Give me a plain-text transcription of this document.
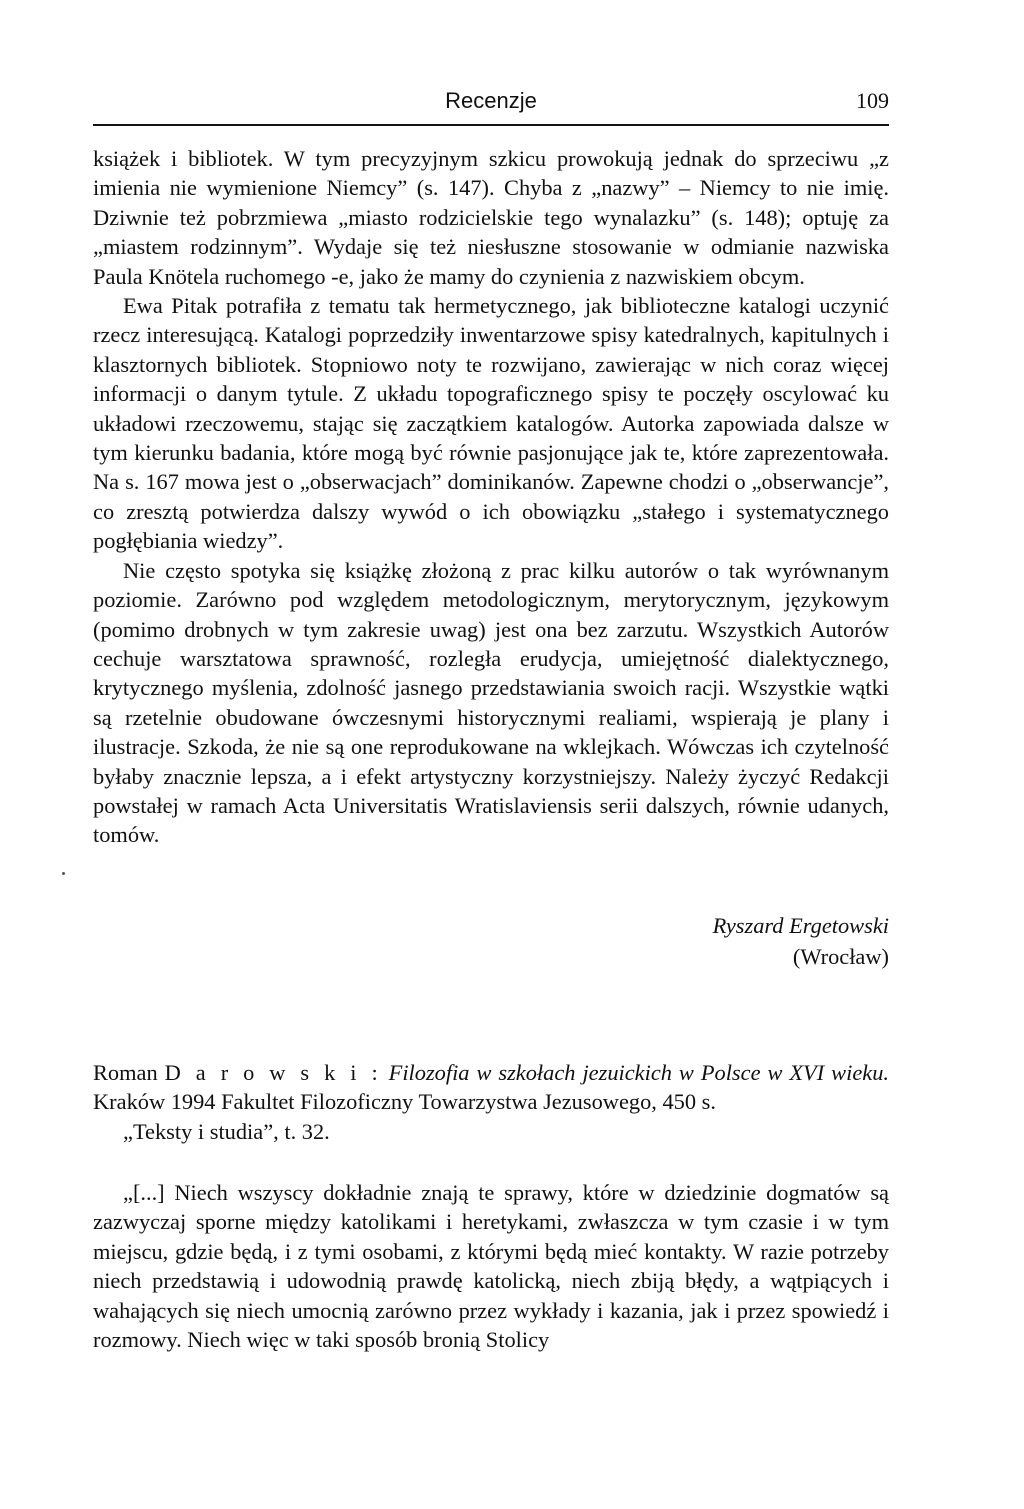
Recenzje	109

książek i bibliotek. W tym precyzyjnym szkicu prowokują jednak do sprzeciwu „z imienia nie wymienione Niemcy” (s. 147). Chyba z „nazwy” – Niemcy to nie imię. Dziwnie też pobrzmiewa „miasto rodzicielskie tego wynalazku” (s. 148); optuję za „miastem rodzinnym”. Wydaje się też niesłuszne stosowanie w odmianie nazwiska Paula Knötela ruchomego -e, jako że mamy do czynienia z nazwiskiem obcym.

Ewa Pitak potrafiła z tematu tak hermetycznego, jak biblioteczne katalogi uczynić rzecz interesującą. Katalogi poprzedziły inwentarzowe spisy katedralnych, kapitulnych i klasztornych bibliotek. Stopniowo noty te rozwijano, zawierając w nich coraz więcej informacji o danym tytule. Z układu topograficznego spisy te poczęły oscylować ku układowi rzeczowemu, stając się zaczątkiem katalogów. Autorka zapowiada dalsze w tym kierunku badania, które mogą być równie pasjonujące jak te, które zaprezentowała. Na s. 167 mowa jest o „obserwacjach” dominikanów. Zapewne chodzi o „obserwancje”, co zresztą potwierdza dalszy wywód o ich obowiązku „stałego i systematycznego pogłębiania wiedzy”.

Nie często spotyka się książkę złożoną z prac kilku autorów o tak wyrównanym poziomie. Zarówno pod względem metodologicznym, merytorycznym, językowym (pomimo drobnych w tym zakresie uwag) jest ona bez zarzutu. Wszystkich Autorów cechuje warsztatowa sprawność, rozległa erudycja, umiejętność dialektycznego, krytycznego myślenia, zdolność jasnego przedstawiania swoich racji. Wszystkie wątki są rzetelnie obudowane ówczesnymi historycznymi realiami, wspierają je plany i ilustracje. Szkoda, że nie są one reprodukowane na wklejkach. Wówczas ich czytelność byłaby znacznie lepsza, a i efekt artystyczny korzystniejszy. Należy życzyć Redakcji powstałej w ramach Acta Universitatis Wratislaviensis serii dalszych, równie udanych, tomów.

Ryszard Ergetowski
(Wrocław)
Roman D a r o w s k i : Filozofia w szkołach jezuickich w Polsce w XVI wieku. Kraków 1994 Fakultet Filozoficzny Towarzystwa Jezusowego, 450 s.

„Teksty i studia”, t. 32.

„[...] Niech wszyscy dokładnie znają te sprawy, które w dziedzinie dogmatów są zazwyczaj sporne między katolikami i heretykami, zwłaszcza w tym czasie i w tym miejscu, gdzie będą, i z tymi osobami, z którymi będą mieć kontakty. W razie potrzeby niech przedstawią i udowodnią prawdę katolicką, niech zbiją błędy, a wątpiących i wahających się niech umocnią zarówno przez wykłady i kazania, jak i przez spowiedź i rozmowy. Niech więc w taki sposób bronią Stolicy
